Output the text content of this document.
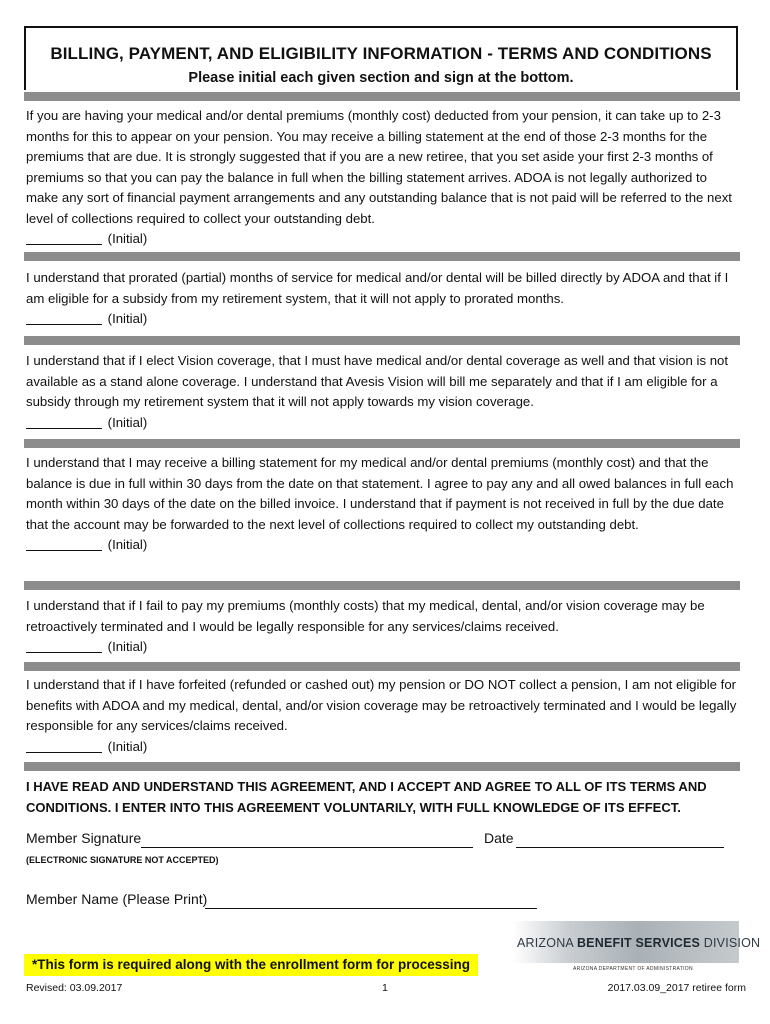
BILLING, PAYMENT, AND ELIGIBILITY INFORMATION - TERMS AND CONDITIONS
Please initial each given section and sign at the bottom.
If you are having your medical and/or dental premiums (monthly cost) deducted from your pension, it can take up to 2-3 months for this to appear on your pension. You may receive a billing statement at the end of those 2-3 months for the premiums that are due. It is strongly suggested that if you are a new retiree, that you set aside your first 2-3 months of premiums so that you can pay the balance in full when the billing statement arrives. ADOA is not legally authorized to make any sort of financial payment arrangements and any outstanding balance that is not paid will be referred to the next level of collections required to collect your outstanding debt.
(Initial)
I understand that prorated (partial) months of service for medical and/or dental will be billed directly by ADOA and that if I am eligible for a subsidy from my retirement system, that it will not apply to prorated months.
(Initial)
I understand that if I elect Vision coverage, that I must have medical and/or dental coverage as well and that vision is not available as a stand alone coverage. I understand that Avesis Vision will bill me separately and that if I am eligible for a subsidy through my retirement system that it will not apply towards my vision coverage.
(Initial)
I understand that I may receive a billing statement for my medical and/or dental premiums (monthly cost) and that the balance is due in full within 30 days from the date on that statement. I agree to pay any and all owed balances in full each month within 30 days of the date on the billed invoice. I understand that if payment is not received in full by the due date that the account may be forwarded to the next level of collections required to collect my outstanding debt.
(Initial)
I understand that if I fail to pay my premiums (monthly costs) that my medical, dental, and/or vision coverage may be retroactively terminated and I would be legally responsible for any services/claims received.
(Initial)
I understand that if I have forfeited (refunded or cashed out) my pension or DO NOT collect a pension, I am not eligible for benefits with ADOA and my medical, dental, and/or vision coverage may be retroactively terminated and I would be legally responsible for any services/claims received.
(Initial)
I HAVE READ AND UNDERSTAND THIS AGREEMENT, AND I ACCEPT AND AGREE TO ALL OF ITS TERMS AND CONDITIONS. I ENTER INTO THIS AGREEMENT VOLUNTARILY, WITH FULL KNOWLEDGE OF ITS EFFECT.
Member Signature	Date
(ELECTRONIC SIGNATURE NOT ACCEPTED)
Member Name (Please Print)
ARIZONA BENEFIT SERVICES DIVISION
ARIZONA DEPARTMENT OF ADMINISTRATION
*This form is required along with the enrollment form for processing
Revised: 03.09.2017	1	2017.03.09_2017 retiree form
